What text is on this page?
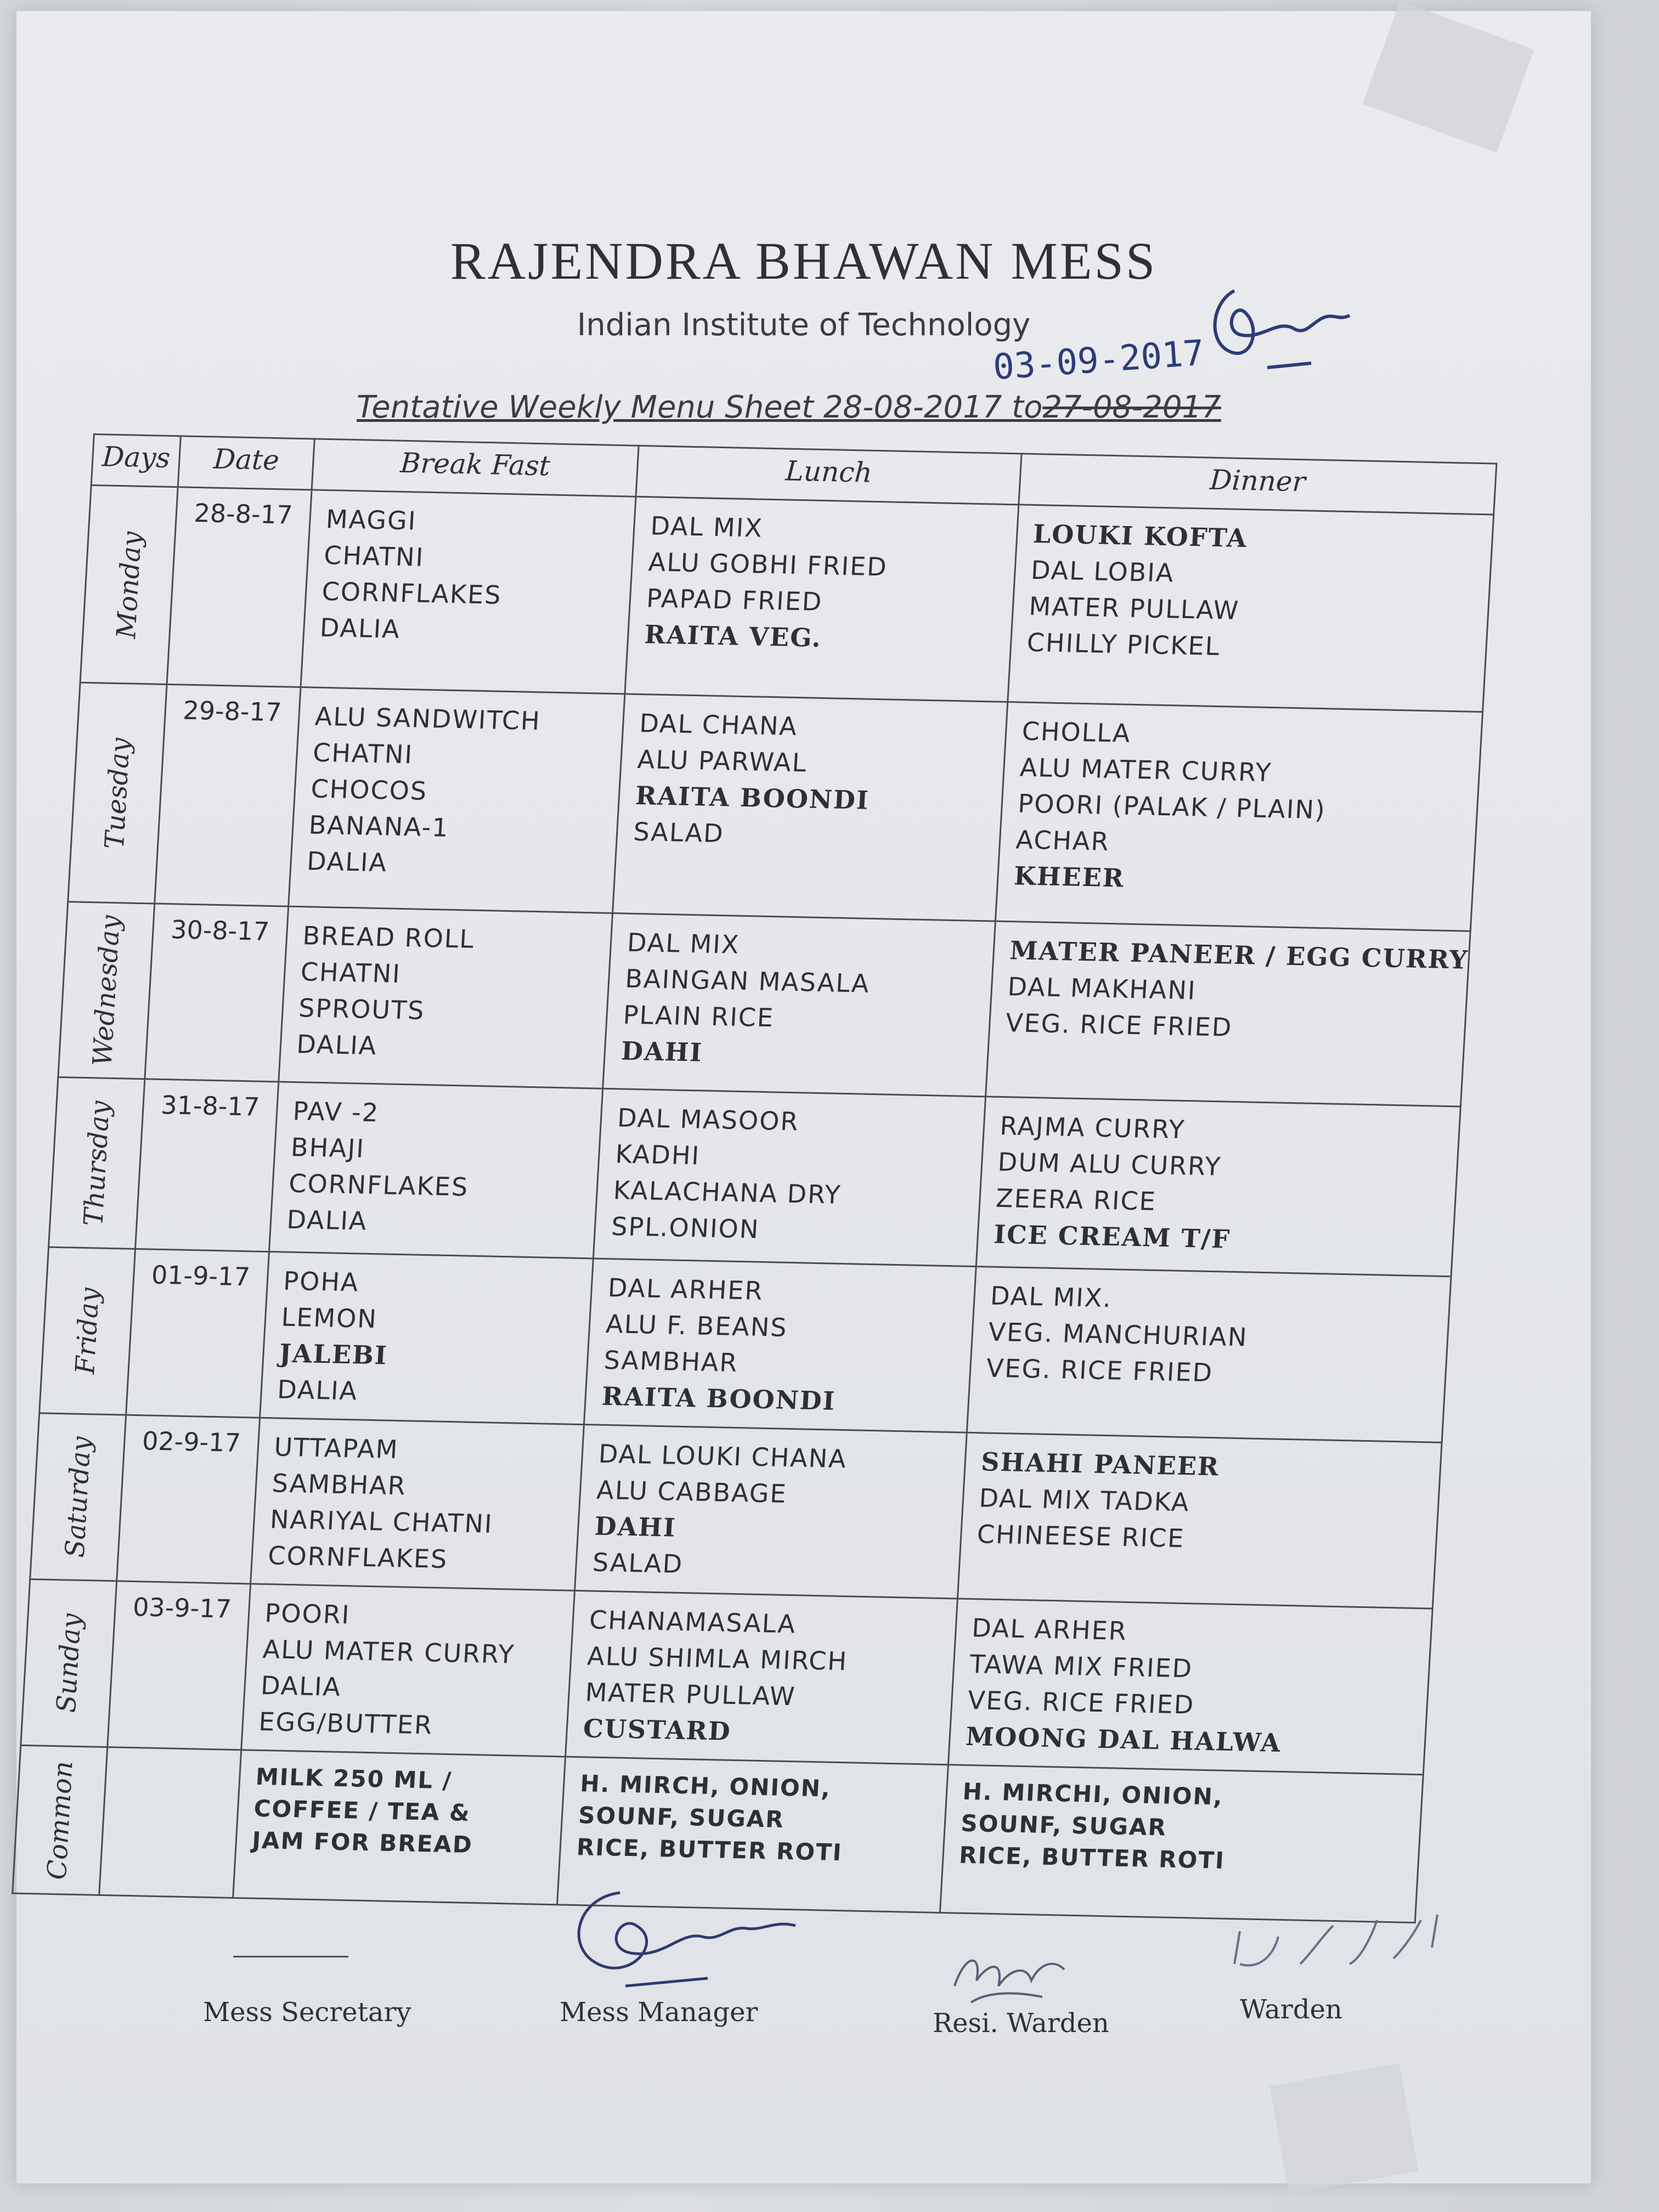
RAJENDRA BHAWAN MESS
Indian Institute of Technology
Tentative Weekly Menu Sheet 28-08-2017 to27-08-2017
03-09-2017
Days	Date	Break Fast	Lunch	Dinner

Monday	28-8-17	MAGGI
CHATNI
CORNFLAKES
DALIA	DAL MIX
ALU GOBHI FRIED
PAPAD FRIED
RAITA VEG.	LOUKI KOFTA
DAL LOBIA
MATER PULLAW
CHILLY PICKEL

Tuesday	29-8-17	ALU SANDWITCH
CHATNI
CHOCOS
BANANA-1
DALIA	DAL CHANA
ALU PARWAL
RAITA BOONDI
SALAD	CHOLLA
ALU MATER CURRY
POORI (PALAK / PLAIN)
ACHAR
KHEER

Wednesday	30-8-17	BREAD ROLL
CHATNI
SPROUTS
DALIA	DAL MIX
BAINGAN MASALA
PLAIN RICE
DAHI	MATER PANEER / EGG CURRY
DAL MAKHANI
VEG. RICE FRIED

Thursday	31-8-17	PAV -2
BHAJI
CORNFLAKES
DALIA	DAL MASOOR
KADHI
KALACHANA DRY
SPL.ONION	RAJMA CURRY
DUM ALU CURRY
ZEERA RICE
ICE CREAM T/F

Friday	01-9-17	POHA
LEMON
JALEBI
DALIA	DAL ARHER
ALU F. BEANS
SAMBHAR
RAITA BOONDI	DAL MIX.
VEG. MANCHURIAN
VEG. RICE FRIED

Saturday	02-9-17	UTTAPAM
SAMBHAR
NARIYAL CHATNI
CORNFLAKES	DAL LOUKI CHANA
ALU CABBAGE
DAHI
SALAD	SHAHI PANEER
DAL MIX TADKA
CHINEESE RICE

Sunday	03-9-17	POORI
ALU MATER CURRY
DALIA
EGG/BUTTER	CHANAMASALA
ALU SHIMLA MIRCH
MATER PULLAW
CUSTARD	DAL ARHER
TAWA MIX FRIED
VEG. RICE FRIED
MOONG DAL HALWA

Common		MILK 250 ML /
COFFEE / TEA &
JAM FOR BREAD	H. MIRCH, ONION,
SOUNF, SUGAR
RICE, BUTTER ROTI	H. MIRCHI, ONION,
SOUNF, SUGAR
RICE, BUTTER ROTI
Mess Secretary	Mess Manager	Resi. Warden	Warden
